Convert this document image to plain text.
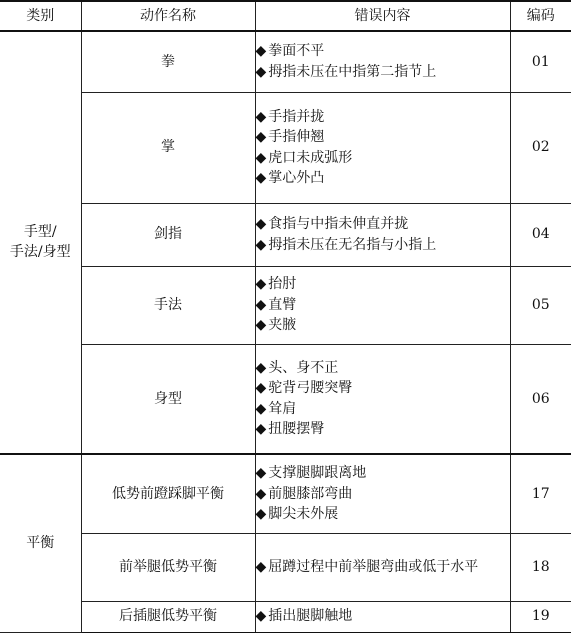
类别	动作名称	错误内容	编码

手型/
手法/身型	拳	◆ 拳面不平
◆ 拇指未压在中指第二指节上	01
	掌	◆ 手指并拢
◆ 手指伸翘
◆ 虎口未成弧形
◆ 掌心外凸	02
	剑指	◆ 食指与中指未伸直并拢
◆ 拇指未压在无名指与小指上	04
	手法	◆ 抬肘
◆ 直臂
◆ 夹腋	05
	身型	◆ 头、身不正
◆ 驼背弓腰突臀
◆ 耸肩
◆ 扭腰摆臀	06

平衡	低势前蹬踩脚平衡	◆ 支撑腿脚跟离地
◆ 前腿膝部弯曲
◆ 脚尖未外展	17
	前举腿低势平衡	◆ 屈蹲过程中前举腿弯曲或低于水平	18
	后插腿低势平衡	◆ 插出腿脚触地	19
